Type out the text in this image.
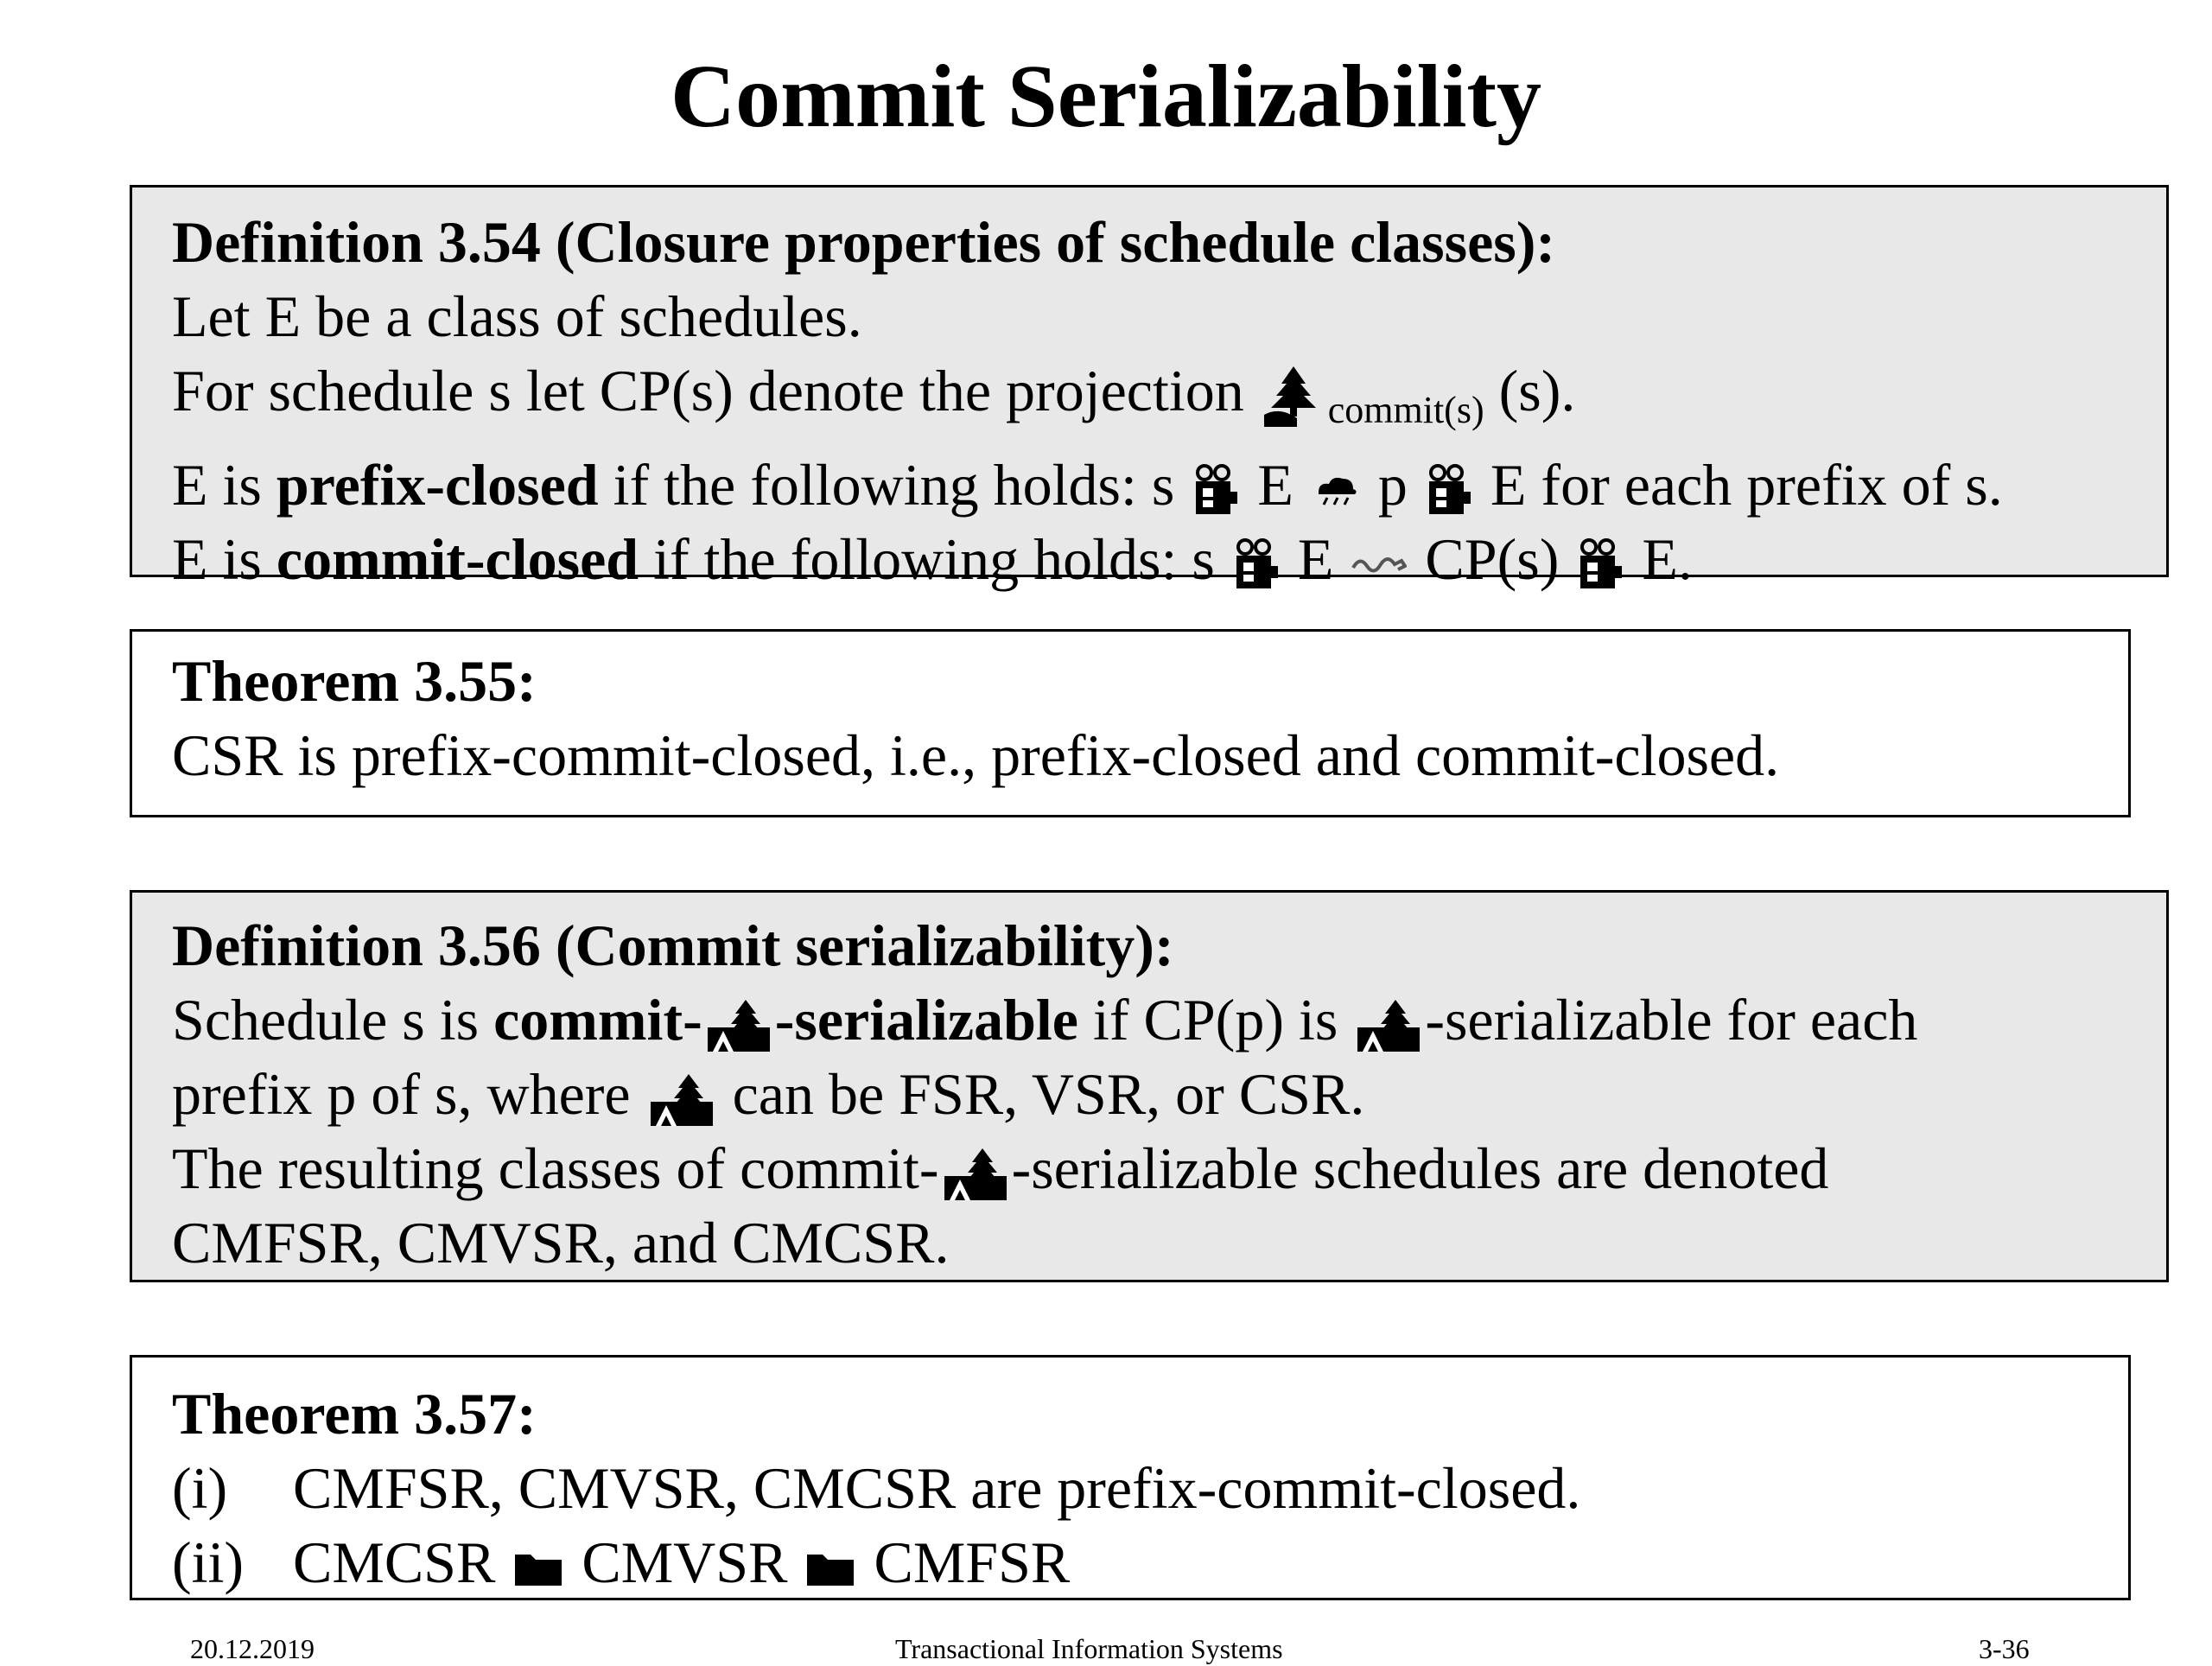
Commit Serializability
Definition 3.54 (Closure properties of schedule classes):
Let E be a class of schedules.
For schedule s let CP(s) denote the projection
$_{commit(s)}$ (s).
E is prefix-closed if the following holds: s
E
p
E for each prefix of s.
E is commit-closed if the following holds: s
E
CP(s)
E.
Theorem 3.55:
CSR is prefix-commit-closed, i.e., prefix-closed and commit-closed.
Definition 3.56 (Commit serializability):
Schedule s is commit- -serializable if CP(p) is
-serializable for each
prefix p of s, where
can be FSR, VSR, or CSR.
The resulting classes of commit- -serializable schedules are denoted
CMFSR, CMVSR, and CMCSR.
Theorem 3.57:
(i) CMFSR, CMVSR, CMCSR are prefix-commit-closed.
(ii) CMCSR
CMVSR
CMFSR
20.12.2019	Transactional Information Systems	3-36
